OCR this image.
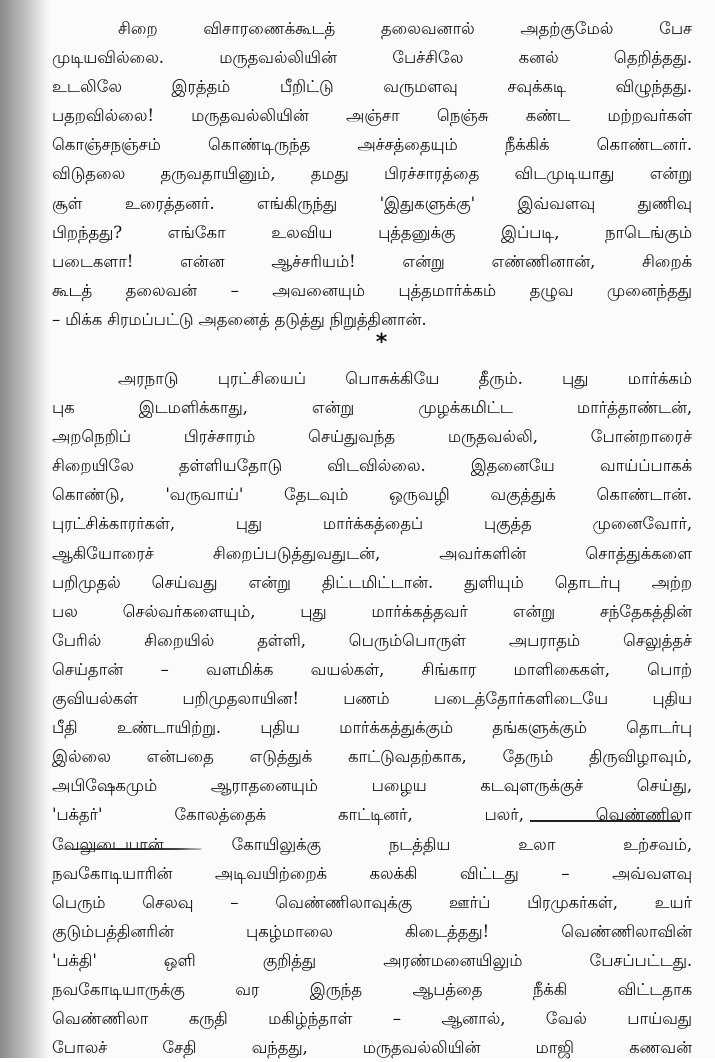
சிறை விசாரணைக்கூடத் தலைவனால் அதற்குமேல் பேச
முடியவில்லை. மருதவல்லியின் பேச்சிலே கனல் தெறித்தது.
உடலிலே இரத்தம் பீறிட்டு வருமளவு சவுக்கடி விழுந்தது.
பதறவில்லை! மருதவல்லியின் அஞ்சா நெஞ்சு கண்ட மற்றவர்கள்
கொஞ்சநஞ்சம் கொண்டிருந்த அச்சத்தையும் நீக்கிக் கொண்டனர்.
விடுதலை தருவதாயினும், தமது பிரச்சாரத்தை விடமுடியாது என்று
சூள் உரைத்தனர். எங்கிருந்து 'இதுகளுக்கு' இவ்வளவு துணிவு
பிறந்தது? எங்கோ உலவிய புத்தனுக்கு இப்படி, நாடெங்கும்
படைகளா! என்ன ஆச்சரியம்! என்று எண்ணினான், சிறைக்
கூடத் தலைவன் – அவனையும் புத்தமார்க்கம் தழுவ முனைந்தது
– மிக்க சிரமப்பட்டு அதனைத் தடுத்து நிறுத்தினான்.
*
அரநாடு புரட்சியைப் பொசுக்கியே தீரும். புது மார்க்கம்
புக இடமளிக்காது, என்று முழக்கமிட்ட மார்த்தாண்டன்,
அறநெறிப் பிரச்சாரம் செய்துவந்த மருதவல்லி, போன்றாரைச்
சிறையிலே தள்ளியதோடு விடவில்லை. இதனையே வாய்ப்பாகக்
கொண்டு, 'வருவாய்' தேடவும் ஒருவழி வகுத்துக் கொண்டான்.
புரட்சிக்காரர்கள், புது மார்க்கத்தைப் புகுத்த முனைவோர்,
ஆகியோரைச் சிறைப்படுத்துவதுடன், அவர்களின் சொத்துக்களை
பறிமுதல் செய்வது என்று திட்டமிட்டான். துளியும் தொடர்பு அற்ற
பல செல்வர்களையும், புது மார்க்கத்தவர் என்று சந்தேகத்தின்
பேரில் சிறையில் தள்ளி, பெரும்பொருள் அபராதம் செலுத்தச்
செய்தான் – வளமிக்க வயல்கள், சிங்கார மாளிகைகள், பொற்
குவியல்கள் பறிமுதலாயின! பணம் படைத்தோர்களிடையே புதிய
பீதி உண்டாயிற்று. புதிய மார்க்கத்துக்கும் தங்களுக்கும் தொடர்பு
இல்லை என்பதை எடுத்துக் காட்டுவதற்காக, தேரும் திருவிழாவும்,
அபிஷேகமும் ஆராதனையும் பழைய கடவுளருக்குச் செய்து,
'பக்தர்' கோலத்தைக் காட்டினர், பலர், வெண்ணிலா
வேலுடையான் கோயிலுக்கு நடத்திய உலா உற்சவம்,
நவகோடியாரின் அடிவயிற்றைக் கலக்கி விட்டது – அவ்வளவு
பெரும் செலவு – வெண்ணிலாவுக்கு ஊர்ப் பிரமுகர்கள், உயர்
குடும்பத்தினரின் புகழ்மாலை கிடைத்தது! வெண்ணிலாவின்
'பக்தி' ஒளி குறித்து அரண்மனையிலும் பேசப்பட்டது.
நவகோடியாருக்கு வர இருந்த ஆபத்தை நீக்கி விட்டதாக
வெண்ணிலா கருதி மகிழ்ந்தாள் – ஆனால், வேல் பாய்வது
போலச் சேதி வந்தது, மருதவல்லியின் மாஜி கணவன்
